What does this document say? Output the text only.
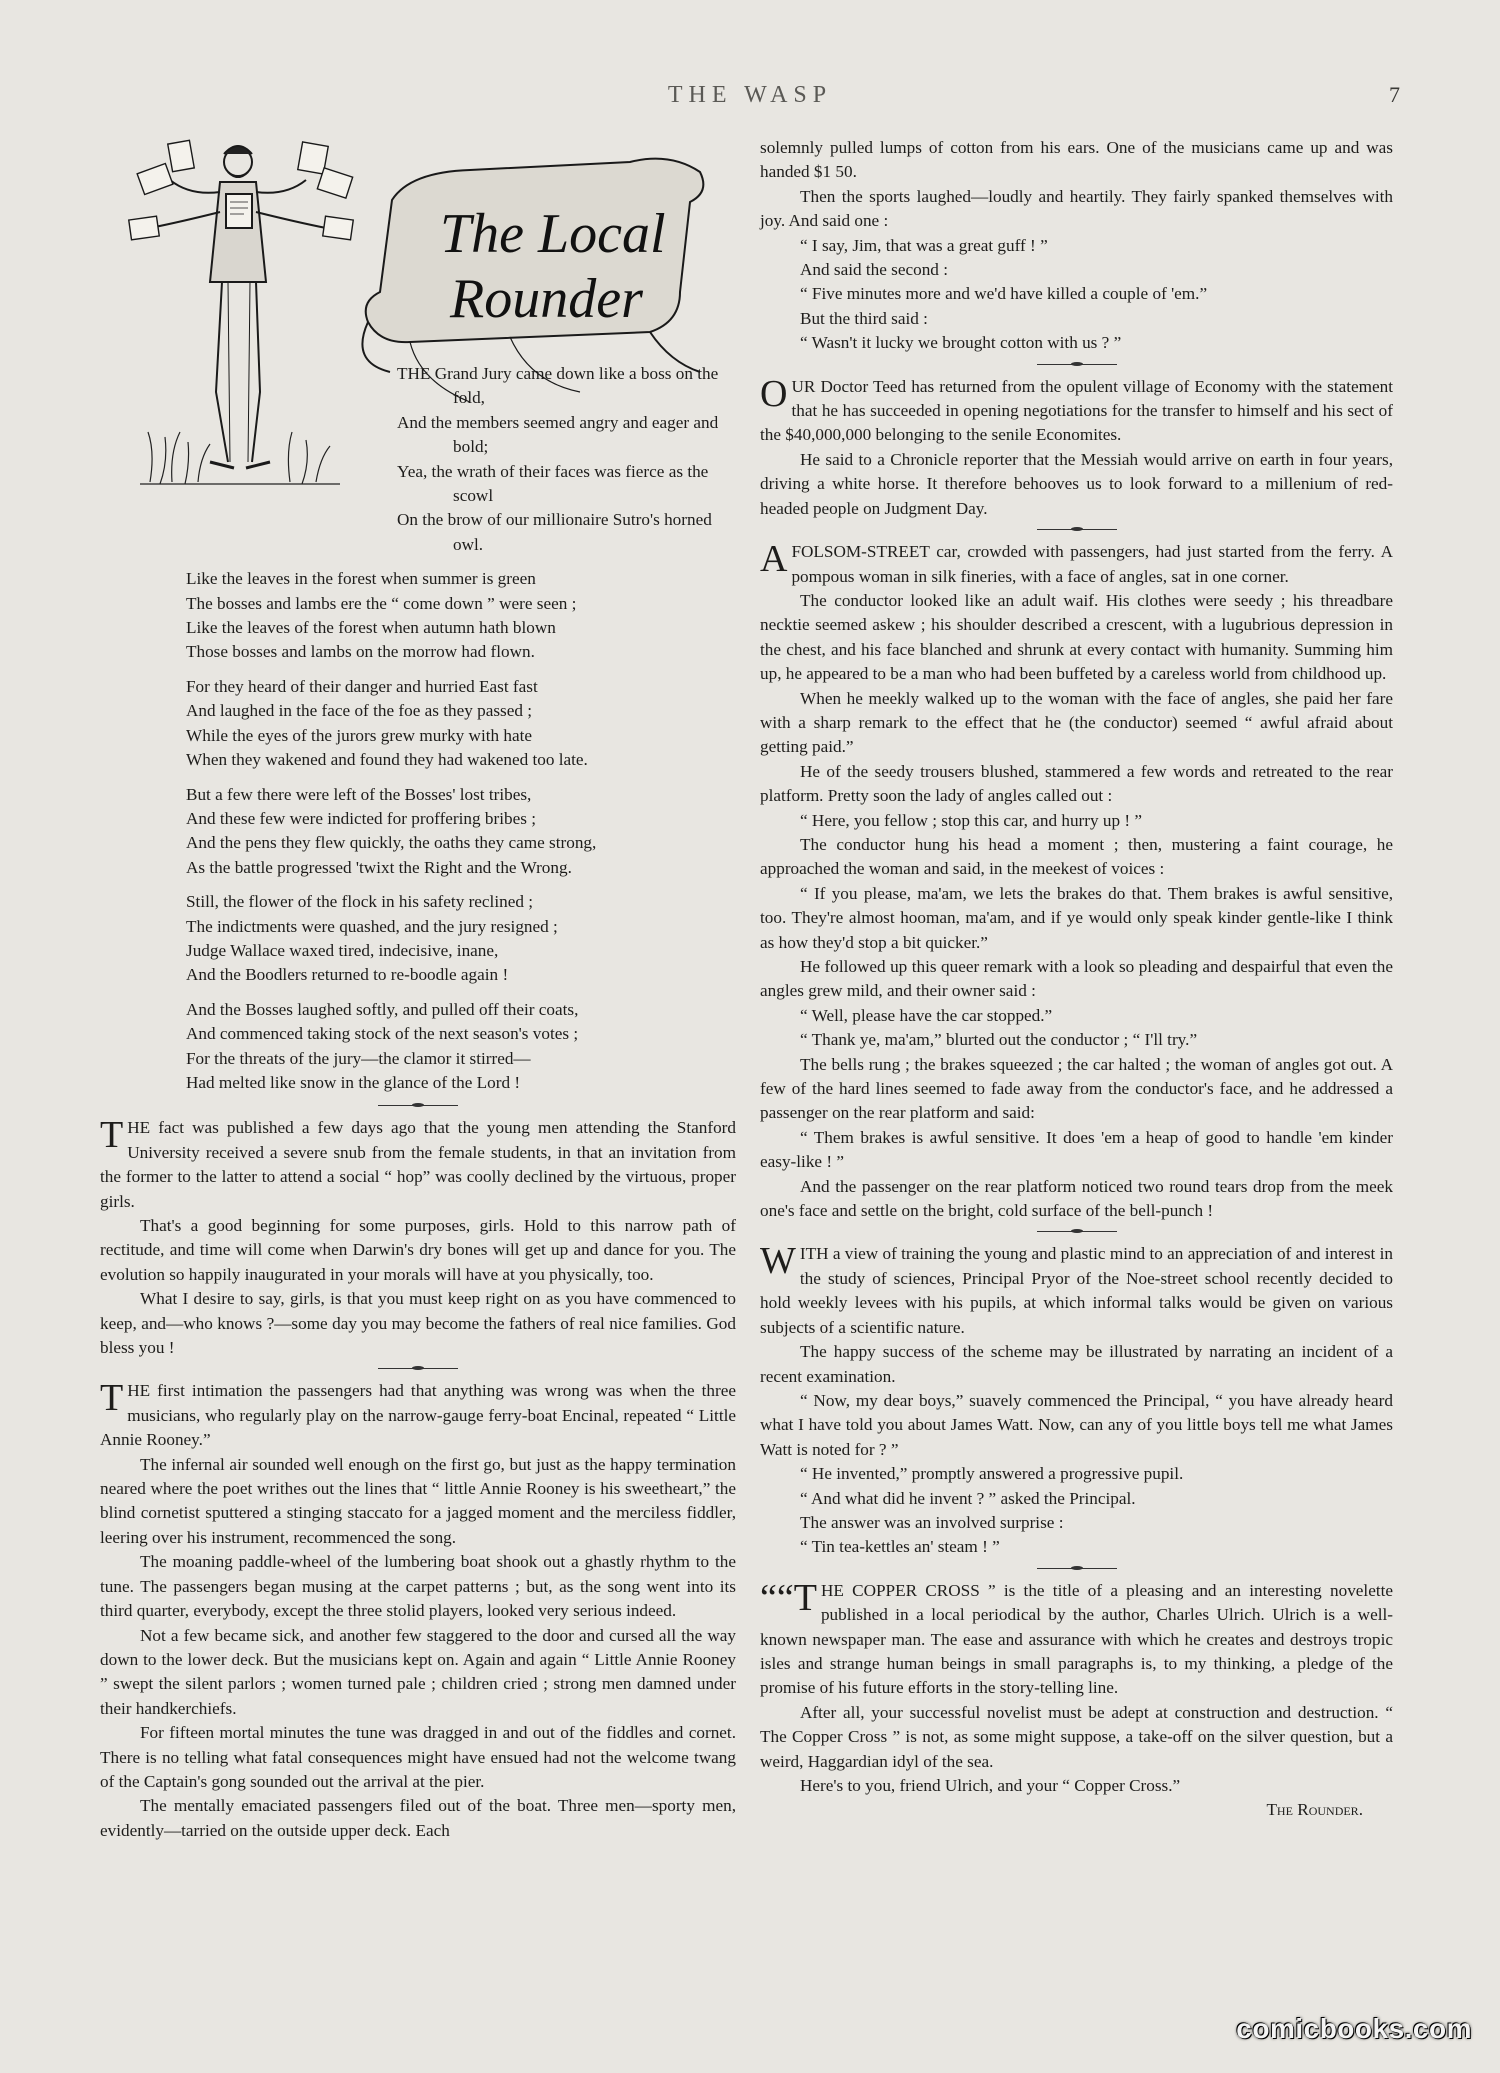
THE WASP	7
The Local
Rounder
THE Grand Jury came down like a boss on the fold,
And the members seemed angry and eager and bold;
Yea, the wrath of their faces was fierce as the scowl
On the brow of our millionaire Sutro's horned owl.
Like the leaves in the forest when summer is green
The bosses and lambs ere the “ come down ” were seen ;
Like the leaves of the forest when autumn hath blown
Those bosses and lambs on the morrow had flown.
For they heard of their danger and hurried East fast
And laughed in the face of the foe as they passed ;
While the eyes of the jurors grew murky with hate
When they wakened and found they had wakened too late.
But a few there were left of the Bosses' lost tribes,
And these few were indicted for proffering bribes ;
And the pens they flew quickly, the oaths they came strong,
As the battle progressed 'twixt the Right and the Wrong.
Still, the flower of the flock in his safety reclined ;
The indictments were quashed, and the jury resigned ;
Judge Wallace waxed tired, indecisive, inane,
And the Boodlers returned to re-boodle again !
And the Bosses laughed softly, and pulled off their coats,
And commenced taking stock of the next season's votes ;
For the threats of the jury—the clamor it stirred—
Had melted like snow in the glance of the Lord !

THE fact was published a few days ago that the young men attending the Stanford University received a severe snub from the female students, in that an invitation from the former to the latter to attend a social “ hop” was coolly declined by the virtuous, proper girls.

That's a good beginning for some purposes, girls. Hold to this narrow path of rectitude, and time will come when Darwin's dry bones will get up and dance for you. The evolution so happily inaugurated in your morals will have at you physically, too.

What I desire to say, girls, is that you must keep right on as you have commenced to keep, and—who knows ?—some day you may become the fathers of real nice families. God bless you !

THE first intimation the passengers had that anything was wrong was when the three musicians, who regularly play on the narrow-gauge ferry-boat Encinal, repeated “ Little Annie Rooney.”

The infernal air sounded well enough on the first go, but just as the happy termination neared where the poet writhes out the lines that “ little Annie Rooney is his sweetheart,” the blind cornetist sputtered a stinging staccato for a jagged moment and the merciless fiddler, leering over his instrument, recommenced the song.

The moaning paddle-wheel of the lumbering boat shook out a ghastly rhythm to the tune. The passengers began musing at the carpet patterns ; but, as the song went into its third quarter, everybody, except the three stolid players, looked very serious indeed.

Not a few became sick, and another few staggered to the door and cursed all the way down to the lower deck. But the musicians kept on. Again and again “ Little Annie Rooney ” swept the silent parlors ; women turned pale ; children cried ; strong men damned under their handkerchiefs.

For fifteen mortal minutes the tune was dragged in and out of the fiddles and cornet. There is no telling what fatal consequences might have ensued had not the welcome twang of the Captain's gong sounded out the arrival at the pier.

The mentally emaciated passengers filed out of the boat. Three men—sporty men, evidently—tarried on the outside upper deck. Each

solemnly pulled lumps of cotton from his ears. One of the musicians came up and was handed $1 50.

Then the sports laughed—loudly and heartily. They fairly spanked themselves with joy. And said one :

“ I say, Jim, that was a great guff ! ”

And said the second :

“ Five minutes more and we'd have killed a couple of 'em.”

But the third said :

“ Wasn't it lucky we brought cotton with us ? ”

OUR Doctor Teed has returned from the opulent village of Economy with the statement that he has succeeded in opening negotiations for the transfer to himself and his sect of the $40,000,000 belonging to the senile Economites.

He said to a Chronicle reporter that the Messiah would arrive on earth in four years, driving a white horse. It therefore behooves us to look forward to a millenium of red-headed people on Judgment Day.

A FOLSOM-STREET car, crowded with passengers, had just started from the ferry. A pompous woman in silk fineries, with a face of angles, sat in one corner.

The conductor looked like an adult waif. His clothes were seedy ; his threadbare necktie seemed askew ; his shoulder described a crescent, with a lugubrious depression in the chest, and his face blanched and shrunk at every contact with humanity. Summing him up, he appeared to be a man who had been buffeted by a careless world from childhood up.

When he meekly walked up to the woman with the face of angles, she paid her fare with a sharp remark to the effect that he (the conductor) seemed “ awful afraid about getting paid.”

He of the seedy trousers blushed, stammered a few words and retreated to the rear platform. Pretty soon the lady of angles called out :

“ Here, you fellow ; stop this car, and hurry up ! ”

The conductor hung his head a moment ; then, mustering a faint courage, he approached the woman and said, in the meekest of voices :

“ If you please, ma'am, we lets the brakes do that. Them brakes is awful sensitive, too. They're almost hooman, ma'am, and if ye would only speak kinder gentle-like I think as how they'd stop a bit quicker.”

He followed up this queer remark with a look so pleading and despairful that even the angles grew mild, and their owner said :

“ Well, please have the car stopped.”

“ Thank ye, ma'am,” blurted out the conductor ; “ I'll try.”

The bells rung ; the brakes squeezed ; the car halted ; the woman of angles got out. A few of the hard lines seemed to fade away from the conductor's face, and he addressed a passenger on the rear platform and said:

“ Them brakes is awful sensitive. It does 'em a heap of good to handle 'em kinder easy-like ! ”

And the passenger on the rear platform noticed two round tears drop from the meek one's face and settle on the bright, cold surface of the bell-punch !

WITH a view of training the young and plastic mind to an appreciation of and interest in the study of sciences, Principal Pryor of the Noe-street school recently decided to hold weekly levees with his pupils, at which informal talks would be given on various subjects of a scientific nature.

The happy success of the scheme may be illustrated by narrating an incident of a recent examination.

“ Now, my dear boys,” suavely commenced the Principal, “ you have already heard what I have told you about James Watt. Now, can any of you little boys tell me what James Watt is noted for ? ”

“ He invented,” promptly answered a progressive pupil.

“ And what did he invent ? ” asked the Principal.

The answer was an involved surprise :

“ Tin tea-kettles an' steam ! ”

““T HE COPPER CROSS ” is the title of a pleasing and an interesting novelette published in a local periodical by the author, Charles Ulrich. Ulrich is a well-known newspaper man. The ease and assurance with which he creates and destroys tropic isles and strange human beings in small paragraphs is, to my thinking, a pledge of the promise of his future efforts in the story-telling line.

After all, your successful novelist must be adept at construction and destruction. “ The Copper Cross ” is not, as some might suppose, a take-off on the silver question, but a weird, Haggardian idyl of the sea.

Here's to you, friend Ulrich, and your “ Copper Cross.”

The Rounder.

comicbooks.com
